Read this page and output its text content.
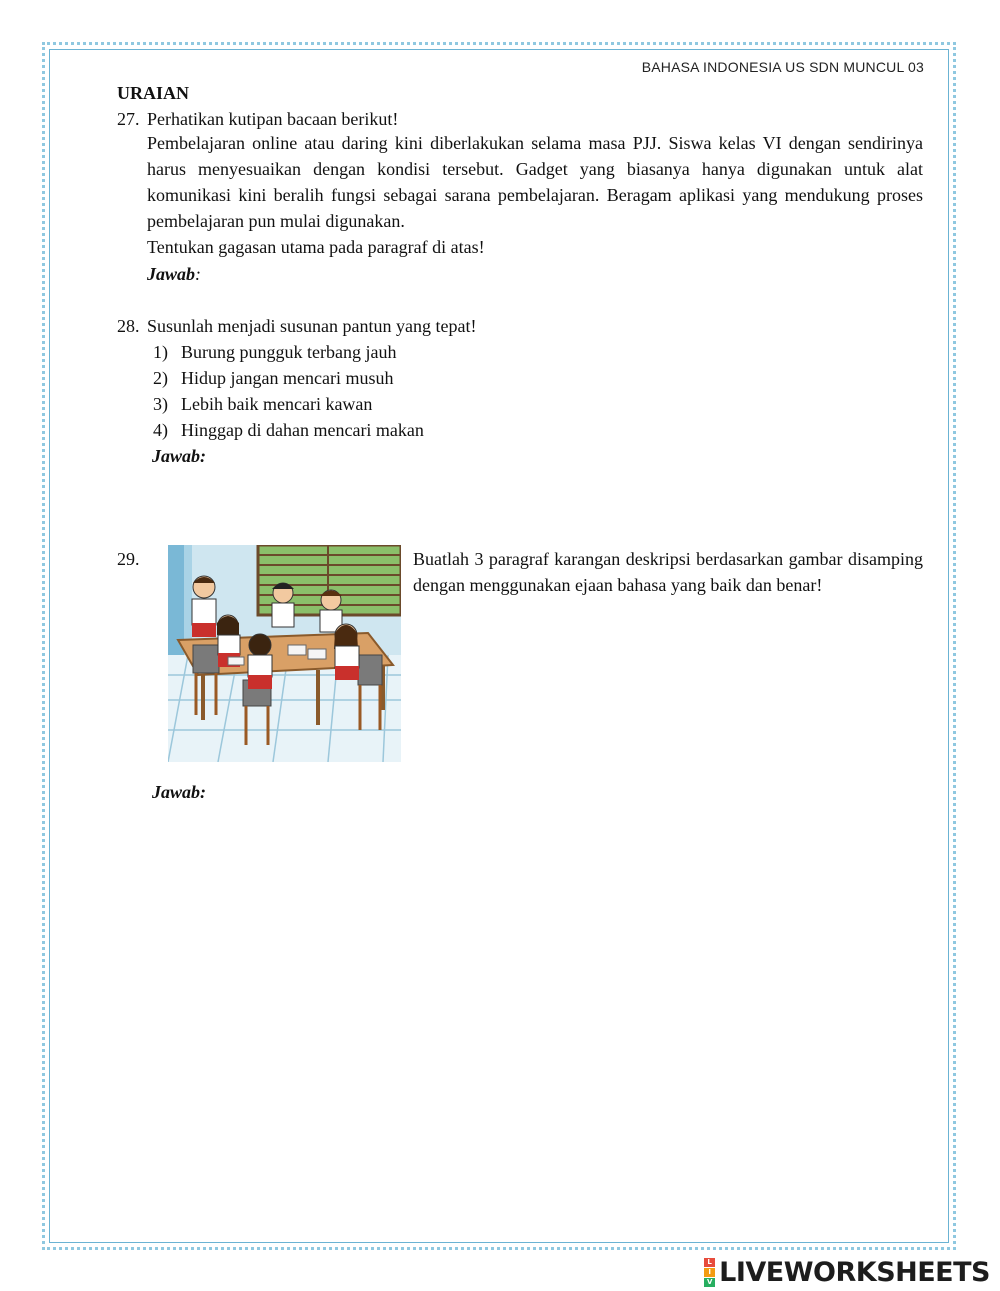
BAHASA INDONESIA US SDN MUNCUL 03
URAIAN
27. Perhatikan kutipan bacaan berikut!
Pembelajaran online atau daring kini diberlakukan selama masa PJJ. Siswa kelas VI dengan sendirinya harus menyesuaikan dengan kondisi tersebut. Gadget yang biasanya hanya digunakan untuk alat komunikasi kini beralih fungsi sebagai sarana pembelajaran. Beragam aplikasi yang mendukung proses pembelajaran pun mulai digunakan.
Tentukan gagasan utama pada paragraf di atas!
Jawab:
28. Susunlah menjadi susunan pantun yang tepat!
1) Burung pungguk terbang jauh
2) Hidup jangan mencari musuh
3) Lebih baik mencari kawan
4) Hinggap di dahan mencari makan
Jawab:
29.	Buatlah 3 paragraf karangan deskripsi berdasarkan gambar disamping dengan menggunakan ejaan bahasa yang baik dan benar!
Jawab:
L
I
V LIVEWORKSHEETS
